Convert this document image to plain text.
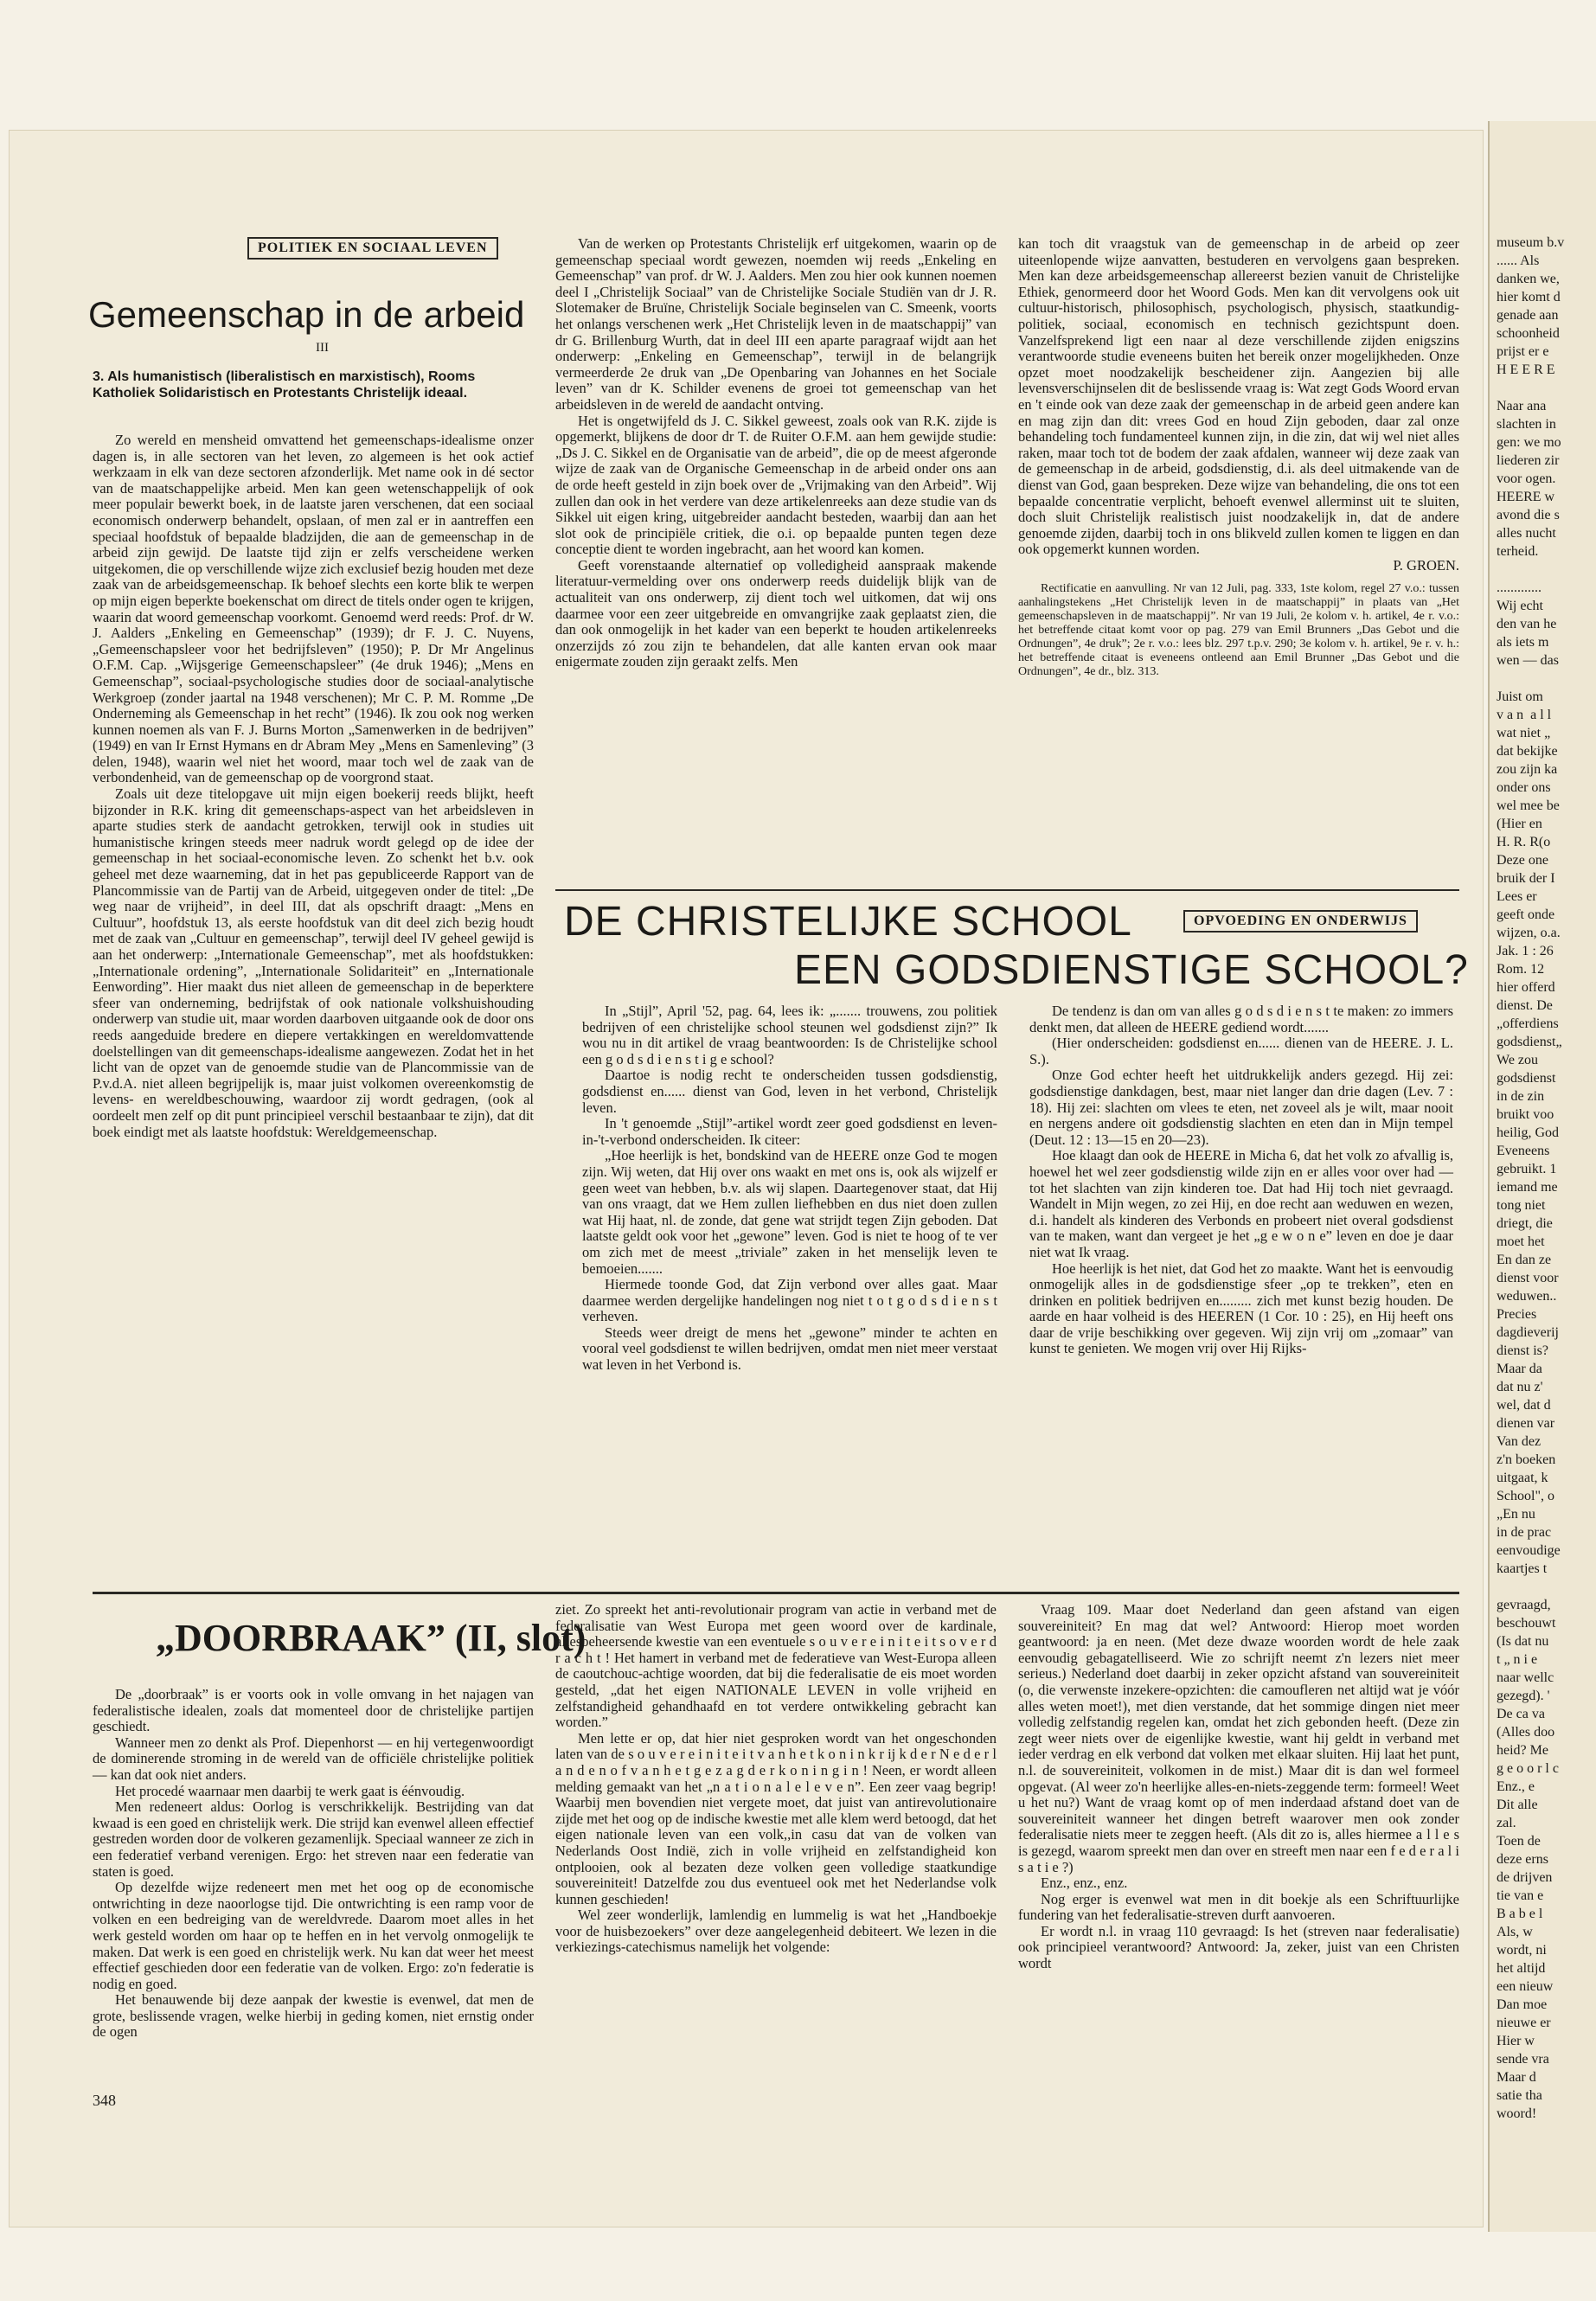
POLITIEK EN SOCIAAL LEVEN
Gemeenschap in de arbeid
III
3. Als humanistisch (liberalistisch en marxistisch), Rooms Katholiek Solidaristisch en Protestants Christelijk ideaal.

Zo wereld en mensheid omvattend het gemeenschaps-idealisme onzer dagen is, in alle sectoren van het leven, zo algemeen is het ook actief werkzaam in elk van deze sectoren afzonderlijk. Met name ook in dé sector van de maatschappelijke arbeid. Men kan geen wetenschappelijk of ook meer populair bewerkt boek, in de laatste jaren verschenen, dat een sociaal economisch onderwerp behandelt, opslaan, of men zal er in aantreffen een speciaal hoofdstuk of bepaalde bladzijden, die aan de gemeenschap in de arbeid zijn gewijd. De laatste tijd zijn er zelfs verscheidene werken uitgekomen, die op verschillende wijze zich exclusief bezig houden met deze zaak van de arbeidsgemeenschap. Ik behoef slechts een korte blik te werpen op mijn eigen beperkte boekenschat om direct de titels onder ogen te krijgen, waarin dat woord gemeenschap voorkomt. Genoemd werd reeds: Prof. dr W. J. Aalders „Enkeling en Gemeenschap” (1939); dr F. J. C. Nuyens, „Gemeenschapsleer voor het bedrijfsleven” (1950); P. Dr Mr Angelinus O.F.M. Cap. „Wijsgerige Gemeenschapsleer” (4e druk 1946); „Mens en Gemeenschap”, sociaal-psychologische studies door de sociaal-analytische Werkgroep (zonder jaartal na 1948 verschenen); Mr C. P. M. Romme „De Onderneming als Gemeenschap in het recht” (1946). Ik zou ook nog werken kunnen noemen als van F. J. Burns Morton „Samenwerken in de bedrijven” (1949) en van Ir Ernst Hymans en dr Abram Mey „Mens en Samenleving” (3 delen, 1948), waarin wel niet het woord, maar toch wel de zaak van de verbondenheid, van de gemeenschap op de voorgrond staat.

Zoals uit deze titelopgave uit mijn eigen boekerij reeds blijkt, heeft bijzonder in R.K. kring dit gemeenschaps-aspect van het arbeidsleven in aparte studies sterk de aandacht getrokken, terwijl ook in studies uit humanistische kringen steeds meer nadruk wordt gelegd op de idee der gemeenschap in het sociaal-economische leven. Zo schenkt het b.v. ook geheel met deze waarneming, dat in het pas gepubliceerde Rapport van de Plancommissie van de Partij van de Arbeid, uitgegeven onder de titel: „De weg naar de vrijheid”, in deel III, dat als opschrift draagt: „Mens en Cultuur”, hoofdstuk 13, als eerste hoofdstuk van dit deel zich bezig houdt met de zaak van „Cultuur en gemeenschap”, terwijl deel IV geheel gewijd is aan het onderwerp: „Internationale Gemeenschap”, met als hoofdstukken: „Internationale ordening”, „Internationale Solidariteit” en „Internationale Eenwording”. Hier maakt dus niet alleen de gemeenschap in de beperktere sfeer van onderneming, bedrijfstak of ook nationale volkshuishouding onderwerp van studie uit, maar worden daarboven uitgaande ook de door ons reeds aangeduide bredere en diepere vertakkingen en wereldomvattende doelstellingen van dit gemeenschaps-idealisme aangewezen. Zodat het in het licht van de opzet van de genoemde studie van de Plancommissie van de P.v.d.A. niet alleen begrijpelijk is, maar juist volkomen overeenkomstig de levens- en wereldbeschouwing, waardoor zij wordt gedragen, (ook al oordeelt men zelf op dit punt principieel verschil bestaanbaar te zijn), dat dit boek eindigt met als laatste hoofdstuk: Wereldgemeenschap.

Van de werken op Protestants Christelijk erf uitgekomen, waarin op de gemeenschap speciaal wordt gewezen, noemden wij reeds „Enkeling en Gemeenschap” van prof. dr W. J. Aalders. Men zou hier ook kunnen noemen deel I „Christelijk Sociaal” van de Christelijke Sociale Studiën van dr J. R. Slotemaker de Bruïne, Christelijk Sociale beginselen van C. Smeenk, voorts het onlangs verschenen werk „Het Christelijk leven in de maatschappij” van dr G. Brillenburg Wurth, dat in deel III een aparte paragraaf wijdt aan het onderwerp: „Enkeling en Gemeenschap”, terwijl in de belangrijk vermeerderde 2e druk van „De Openbaring van Johannes en het Sociale leven” van dr K. Schilder evenens de groei tot gemeenschap van het arbeidsleven in de wereld de aandacht ontving.

Het is ongetwijfeld ds J. C. Sikkel geweest, zoals ook van R.K. zijde is opgemerkt, blijkens de door dr T. de Ruiter O.F.M. aan hem gewijde studie: „Ds J. C. Sikkel en de Organisatie van de arbeid”, die op de meest afgeronde wijze de zaak van de Organische Gemeenschap in de arbeid onder ons aan de orde heeft gesteld in zijn boek over de „Vrijmaking van den Arbeid”. Wij zullen dan ook in het verdere van deze artikelenreeks aan deze studie van ds Sikkel uit eigen kring, uitgebreider aandacht besteden, waarbij dan aan het slot ook de principiële critiek, die o.i. op bepaalde punten tegen deze conceptie dient te worden ingebracht, aan het woord kan komen.

Geeft vorenstaande alternatief op volledigheid aanspraak makende literatuur-vermelding over ons onderwerp reeds duidelijk blijk van de actualiteit van ons onderwerp, zij dient toch wel uitkomen, dat wij ons daarmee voor een zeer uitgebreide en omvangrijke zaak geplaatst zien, die dan ook onmogelijk in het kader van een beperkt te houden artikelenreeks onzerzijds zó zou zijn te behandelen, dat alle kanten ervan ook maar enigermate zouden zijn geraakt zelfs. Men

kan toch dit vraagstuk van de gemeenschap in de arbeid op zeer uiteenlopende wijze aanvatten, bestuderen en vervolgens gaan bespreken. Men kan deze arbeidsgemeenschap allereerst bezien vanuit de Christelijke Ethiek, genormeerd door het Woord Gods. Men kan dit vervolgens ook uit cultuur-historisch, philosophisch, psychologisch, physisch, staatkundig-politiek, sociaal, economisch en technisch gezichtspunt doen. Vanzelfsprekend ligt een naar al deze verschillende zijden enigszins verantwoorde studie eveneens buiten het bereik onzer mogelijkheden. Onze opzet moet noodzakelijk bescheidener zijn. Aangezien bij alle levensverschijnselen dit de beslissende vraag is: Wat zegt Gods Woord ervan en 't einde ook van deze zaak der gemeenschap in de arbeid geen andere kan en mag zijn dan dit: vrees God en houd Zijn geboden, daar zal onze behandeling toch fundamenteel kunnen zijn, in die zin, dat wij wel niet alles raken, maar toch tot de bodem der zaak afdalen, wanneer wij deze zaak van de gemeenschap in de arbeid, godsdienstig, d.i. als deel uitmakende van de dienst van God, gaan bespreken. Deze wijze van behandeling, die ons tot een bepaalde concentratie verplicht, behoeft evenwel allerminst uit te sluiten, doch sluit Christelijk realistisch juist noodzakelijk in, dat de andere genoemde zijden, daarbij toch in ons blikveld zullen komen te liggen en dan ook opgemerkt kunnen worden.

P. GROEN.

Rectificatie en aanvulling. Nr van 12 Juli, pag. 333, 1ste kolom, regel 27 v.o.: tussen aanhalingstekens „Het Christelijk leven in de maatschappij” in plaats van „Het gemeenschapsleven in de maatschappij”. Nr van 19 Juli, 2e kolom v. h. artikel, 4e r. v.o.: het betreffende citaat komt voor op pag. 279 van Emil Brunners „Das Gebot und die Ordnungen”, 4e druk”; 2e r. v.o.: lees blz. 297 t.p.v. 290; 3e kolom v. h. artikel, 9e r. v. h.: het betreffende citaat is eveneens ontleend aan Emil Brunner „Das Gebot und die Ordnungen”, 4e dr., blz. 313.

DE CHRISTELIJKE SCHOOL	OPVOEDING EN ONDERWIJS
EEN GODSDIENSTIGE SCHOOL?

In „Stijl”, April '52, pag. 64, lees ik: „....... trouwens, zou politiek bedrijven of een christelijke school steunen wel godsdienst zijn?” Ik wou nu in dit artikel de vraag beantwoorden: Is de Christelijke school een g o d s d i e n s t i g e school?

Daartoe is nodig recht te onderscheiden tussen godsdienstig, godsdienst en...... dienst van God, leven in het verbond, Christelijk leven.

In 't genoemde „Stijl”-artikel wordt zeer goed godsdienst en leven-in-'t-verbond onderscheiden. Ik citeer:

„Hoe heerlijk is het, bondskind van de HEERE onze God te mogen zijn. Wij weten, dat Hij over ons waakt en met ons is, ook als wijzelf er geen weet van hebben, b.v. als wij slapen. Daartegenover staat, dat Hij van ons vraagt, dat we Hem zullen liefhebben en dus niet doen zullen wat Hij haat, nl. de zonde, dat gene wat strijdt tegen Zijn geboden. Dat laatste geldt ook voor het „gewone” leven. God is niet te hoog of te ver om zich met de meest „triviale” zaken in het menselijk leven te bemoeien.......

Hiermede toonde God, dat Zijn verbond over alles gaat. Maar daarmee werden dergelijke handelingen nog niet t o t g o d s d i e n s t verheven.

Steeds weer dreigt de mens het „gewone” minder te achten en vooral veel godsdienst te willen bedrijven, omdat men niet meer verstaat wat leven in het Verbond is.

De tendenz is dan om van alles g o d s d i e n s t te maken: zo immers denkt men, dat alleen de HEERE gediend wordt.......

(Hier onderscheiden: godsdienst en...... dienen van de HEERE. J. L. S.).

Onze God echter heeft het uitdrukkelijk anders gezegd. Hij zei: godsdienstige dankdagen, best, maar niet langer dan drie dagen (Lev. 7 : 18). Hij zei: slachten om vlees te eten, net zoveel als je wilt, maar nooit en nergens andere oit godsdienstig slachten en eten dan in Mijn tempel (Deut. 12 : 13—15 en 20—23).

Hoe klaagt dan ook de HEERE in Micha 6, dat het volk zo afvallig is, hoewel het wel zeer godsdienstig wilde zijn en er alles voor over had — tot het slachten van zijn kinderen toe. Dat had Hij toch niet gevraagd. Wandelt in Mijn wegen, zo zei Hij, en doe recht aan weduwen en wezen, d.i. handelt als kinderen des Verbonds en probeert niet overal godsdienst van te maken, want dan vergeet je het „g e w o n e” leven en doe je daar niet wat Ik vraag.

Hoe heerlijk is het niet, dat God het zo maakte. Want het is eenvoudig onmogelijk alles in de godsdienstige sfeer „op te trekken”, eten en drinken en politiek bedrijven en......... zich met kunst bezig houden. De aarde en haar volheid is des HEEREN (1 Cor. 10 : 25), en Hij heeft ons daar de vrije beschikking over gegeven. Wij zijn vrij om „zomaar” van kunst te genieten. We mogen vrij over Hij Rijks-

„DOORBRAAK” (II, slot)

De „doorbraak” is er voorts ook in volle omvang in het najagen van federalistische idealen, zoals dat momenteel door de christelijke partijen geschiedt.

Wanneer men zo denkt als Prof. Diepenhorst — en hij vertegenwoordigt de dominerende stroming in de wereld van de officiële christelijke politiek — kan dat ook niet anders.

Het procedé waarnaar men daarbij te werk gaat is éénvoudig.

Men redeneert aldus: Oorlog is verschrikkelijk. Bestrijding van dat kwaad is een goed en christelijk werk. Die strijd kan evenwel alleen effectief gestreden worden door de volkeren gezamenlijk. Speciaal wanneer ze zich in een federatief verband verenigen. Ergo: het streven naar een federatie van staten is goed.

Op dezelfde wijze redeneert men met het oog op de economische ontwrichting in deze naoorlogse tijd. Die ontwrichting is een ramp voor de volken en een bedreiging van de wereldvrede. Daarom moet alles in het werk gesteld worden om haar op te heffen en in het vervolg onmogelijk te maken. Dat werk is een goed en christelijk werk. Nu kan dat weer het meest effectief geschieden door een federatie van de volken. Ergo: zo'n federatie is nodig en goed.

Het benauwende bij deze aanpak der kwestie is evenwel, dat men de grote, beslissende vragen, welke hierbij in geding komen, niet ernstig onder de ogen

ziet. Zo spreekt het anti-revolutionair program van actie in verband met de federalisatie van West Europa met geen woord over de kardinale, allesbeheersende kwestie van een eventuele s o u v e r e i n i t e i t s o v e r d r a c h t ! Het hamert in verband met de federatieve van West-Europa alleen de caoutchouc-achtige woorden, dat bij die federalisatie de eis moet worden gesteld, „dat het eigen NATIONALE LEVEN in volle vrijheid en zelfstandigheid gehandhaafd en tot verdere ontwikkeling gebracht kan worden.”

Men lette er op, dat hier niet gesproken wordt van het ongeschonden laten van de s o u v e r e i n i t e i t v a n h e t k o n i n k r ij k d e r N e d e r l a n d e n o f v a n h e t g e z a g d e r k o n i n g i n ! Neen, er wordt alleen melding gemaakt van het „n a t i o n a l e l e v e n”. Een zeer vaag begrip! Waarbij men bovendien niet vergete moet, dat juist van antirevolutionaire zijde met het oog op de indische kwestie met alle klem werd betoogd, dat het eigen nationale leven van een volk,,in casu dat van de volken van Nederlands Oost Indië, zich in volle vrijheid en zelfstandigheid kon ontplooien, ook al bezaten deze volken geen volledige staatkundige souvereiniteit! Datzelfde zou dus eventueel ook met het Nederlandse volk kunnen geschieden!

Wel zeer wonderlijk, lamlendig en lummelig is wat het „Handboekje voor de huisbezoekers” over deze aangelegenheid debiteert. We lezen in die verkiezings-catechismus namelijk het volgende:

Vraag 109. Maar doet Nederland dan geen afstand van eigen souvereiniteit? En mag dat wel? Antwoord: Hierop moet worden geantwoord: ja en neen. (Met deze dwaze woorden wordt de hele zaak eenvoudig gebagatelliseerd. Wie zo schrijft neemt z'n lezers niet meer serieus.) Nederland doet daarbij in zeker opzicht afstand van souvereiniteit (o, die verwenste inzekere-opzichten: die camoufleren net altijd wat je vóór alles weten moet!), met dien verstande, dat het sommige dingen niet meer volledig zelfstandig regelen kan, omdat het zich gebonden heeft. (Deze zin zegt weer niets over de eigenlijke kwestie, want hij geldt in verband met ieder verdrag en elk verbond dat volken met elkaar sluiten. Hij laat het punt, n.l. de souvereiniteit, volkomen in de mist.) Maar dit is dan wel formeel opgevat. (Al weer zo'n heerlijke alles-en-niets-zeggende term: formeel! Weet u het nu?) Want de vraag komt op of men inderdaad afstand doet van de souvereiniteit wanneer het dingen betreft waarover men ook zonder federalisatie niets meer te zeggen heeft. (Als dit zo is, alles hiermee a l l e s is gezegd, waarom spreekt men dan over en streeft men naar een f e d e r a l i s a t i e ?)

Enz., enz., enz.

Nog erger is evenwel wat men in dit boekje als een Schriftuurlijke fundering van het federalisatie-streven durft aanvoeren.

Er wordt n.l. in vraag 110 gevraagd: Is het (streven naar federalisatie) ook principieel verantwoord? Antwoord: Ja, zeker, juist van een Christen wordt

348
museum b.v
...... Als
danken we,
hier komt d
genade aan
schoonheid
prijst er e
H E E R E

Naar ana
slachten in
gen: we mo
liederen zir
voor ogen.
HEERE w
avond die s
alles nucht
terheid.

.............
Wij echt
den van he
als iets m
wen — das

Juist om
v a n  a l l
wat niet „
dat bekijke
zou zijn ka
onder ons
wel mee be
(Hier en
H. R. R(o
Deze one
bruik der I
Lees er
geeft onde
wijzen, o.a.
Jak. 1 : 26
Rom. 12
hier offerd
dienst. De
„offerdiens
godsdienst„
We zou
godsdienst
in de zin
bruikt voo
heilig, God
Eveneens
gebruikt. 1
iemand me
tong niet
driegt, die
moet het
En dan ze
dienst voor
weduwen..
Precies
dagdieverij
dienst is?
Maar da
dat nu z'
wel, dat d
dienen var
Van dez
z'n boeken
uitgaat, k
School", o
„En nu
in de prac
eenvoudige
kaartjes t

gevraagd,
beschouwt
(Is dat nu
t „ n i e
naar wellc
gezegd). '
De ca va
(Alles doo
heid? Me
g e o o r l c
Enz., e
Dit alle
zal.
Toen de
deze erns
de drijven
tie van e
B a b e l
Als, w
wordt, ni
het altijd
een nieuw
Dan moe
nieuwe er
Hier w
sende vra
Maar d
satie tha
woord!
